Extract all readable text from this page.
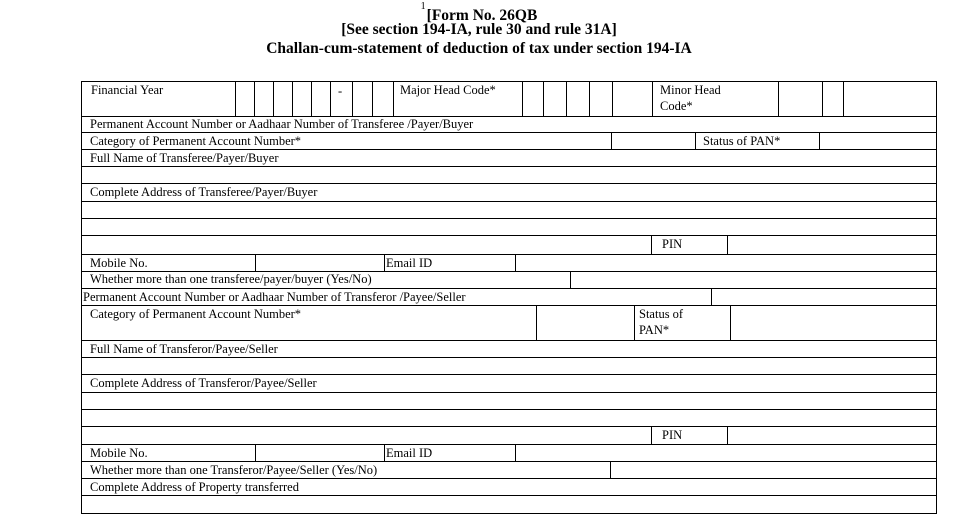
$^1$[Form No. 26QB
[See section 194-IA, rule 30 and rule 31A]
Challan-cum-statement of deduction of tax under section 194-IA
Financial Year	-	Major Head Code*	Minor Head
Code*
Permanent Account Number or Aadhaar Number of Transferee /Payer/Buyer
Category of Permanent Account Number*	Status of PAN*
Full Name of Transferee/Payer/Buyer
Complete Address of Transferee/Payer/Buyer
PIN
Mobile No.	Email ID
Whether more than one transferee/payer/buyer (Yes/No)
Permanent Account Number or Aadhaar Number of Transferor /Payee/Seller
Category of Permanent Account Number*	Status of
PAN*
Full Name of Transferor/Payee/Seller
Complete Address of Transferor/Payee/Seller
PIN
Mobile No.	Email ID
Whether more than one Transferor/Payee/Seller (Yes/No)
Complete Address of Property transferred
